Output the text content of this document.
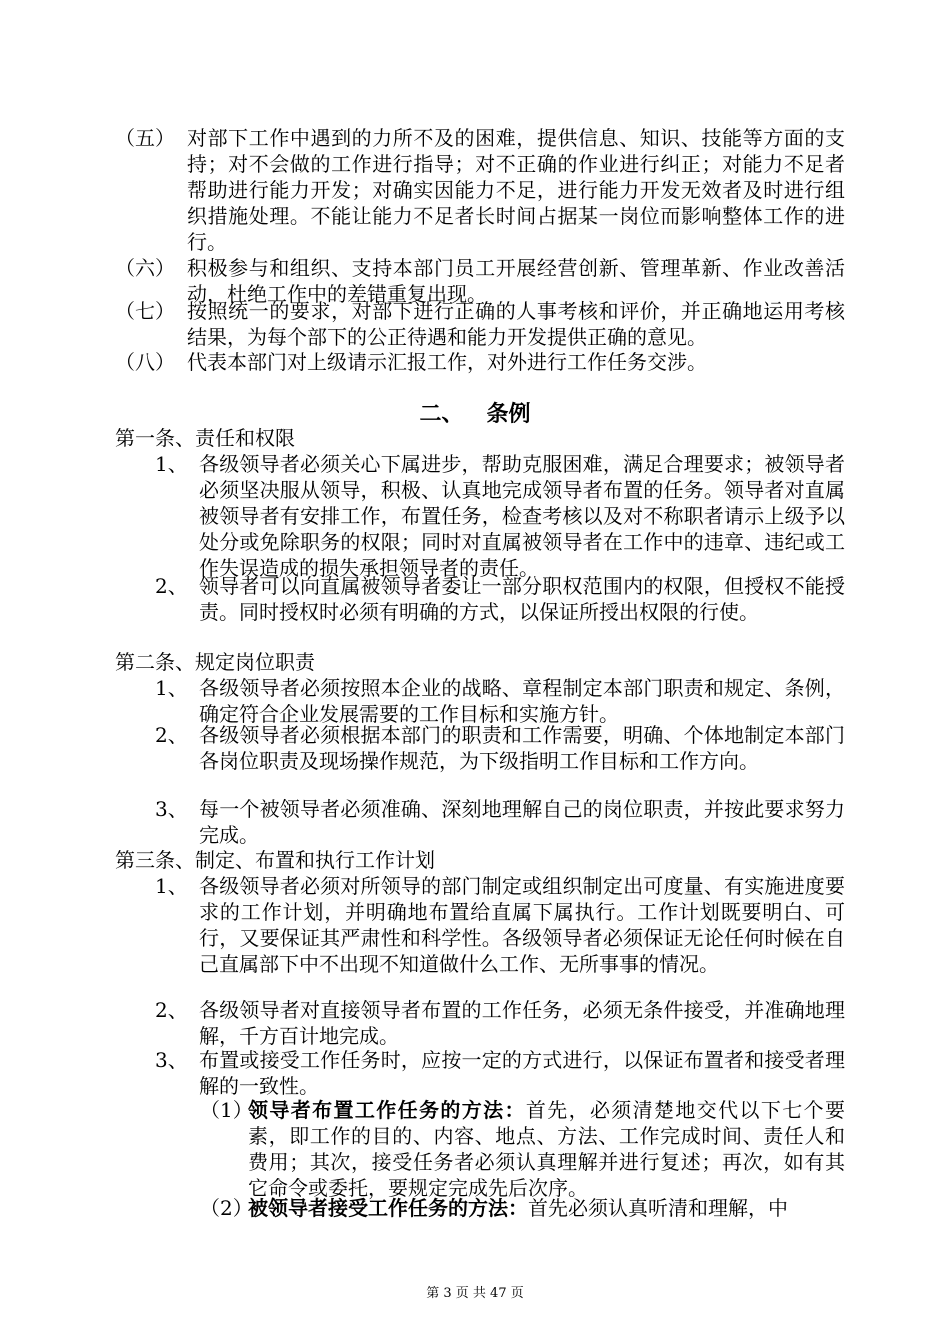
（五） 对部下工作中遇到的力所不及的困难，提供信息、知识、技能等方面的支持；对不会做的工作进行指导；对不正确的作业进行纠正；对能力不足者帮助进行能力开发；对确实因能力不足，进行能力开发无效者及时进行组织措施处理。不能让能力不足者长时间占据某一岗位而影响整体工作的进行。
（六） 积极参与和组织、支持本部门员工开展经营创新、管理革新、作业改善活动，杜绝工作中的差错重复出现。
（七） 按照统一的要求，对部下进行正确的人事考核和评价，并正确地运用考核结果，为每个部下的公正待遇和能力开发提供正确的意见。
（八） 代表本部门对上级请示汇报工作，对外进行工作任务交涉。
二、   条例
第一条、责任和权限
1、 各级领导者必须关心下属进步，帮助克服困难，满足合理要求；被领导者必须坚决服从领导，积极、认真地完成领导者布置的任务。领导者对直属被领导者有安排工作，布置任务，检查考核以及对不称职者请示上级予以处分或免除职务的权限；同时对直属被领导者在工作中的违章、违纪或工作失误造成的损失承担领导者的责任。
2、 领导者可以向直属被领导者委让一部分职权范围内的权限，但授权不能授责。同时授权时必须有明确的方式，以保证所授出权限的行使。
第二条、规定岗位职责
1、 各级领导者必须按照本企业的战略、章程制定本部门职责和规定、条例，确定符合企业发展需要的工作目标和实施方针。
2、 各级领导者必须根据本部门的职责和工作需要，明确、个体地制定本部门各岗位职责及现场操作规范，为下级指明工作目标和工作方向。
3、 每一个被领导者必须准确、深刻地理解自己的岗位职责，并按此要求努力完成。
第三条、制定、布置和执行工作计划
1、 各级领导者必须对所领导的部门制定或组织制定出可度量、有实施进度要求的工作计划，并明确地布置给直属下属执行。工作计划既要明白、可行，又要保证其严肃性和科学性。各级领导者必须保证无论任何时候在自己直属部下中不出现不知道做什么工作、无所事事的情况。
2、 各级领导者对直接领导者布置的工作任务，必须无条件接受，并准确地理解，千方百计地完成。
3、 布置或接受工作任务时，应按一定的方式进行，以保证布置者和接受者理解的一致性。
（1）
领导者布置工作任务的方法：首先，必须清楚地交代以下七个要素，即工作的目的、内容、地点、方法、工作完成时间、责任人和费用；其次，接受任务者必须认真理解并进行复述；再次，如有其它命令或委托，要规定完成先后次序。
（2）
被领导者接受工作任务的方法：首先必须认真听清和理解，中
第 3 页 共 47 页
